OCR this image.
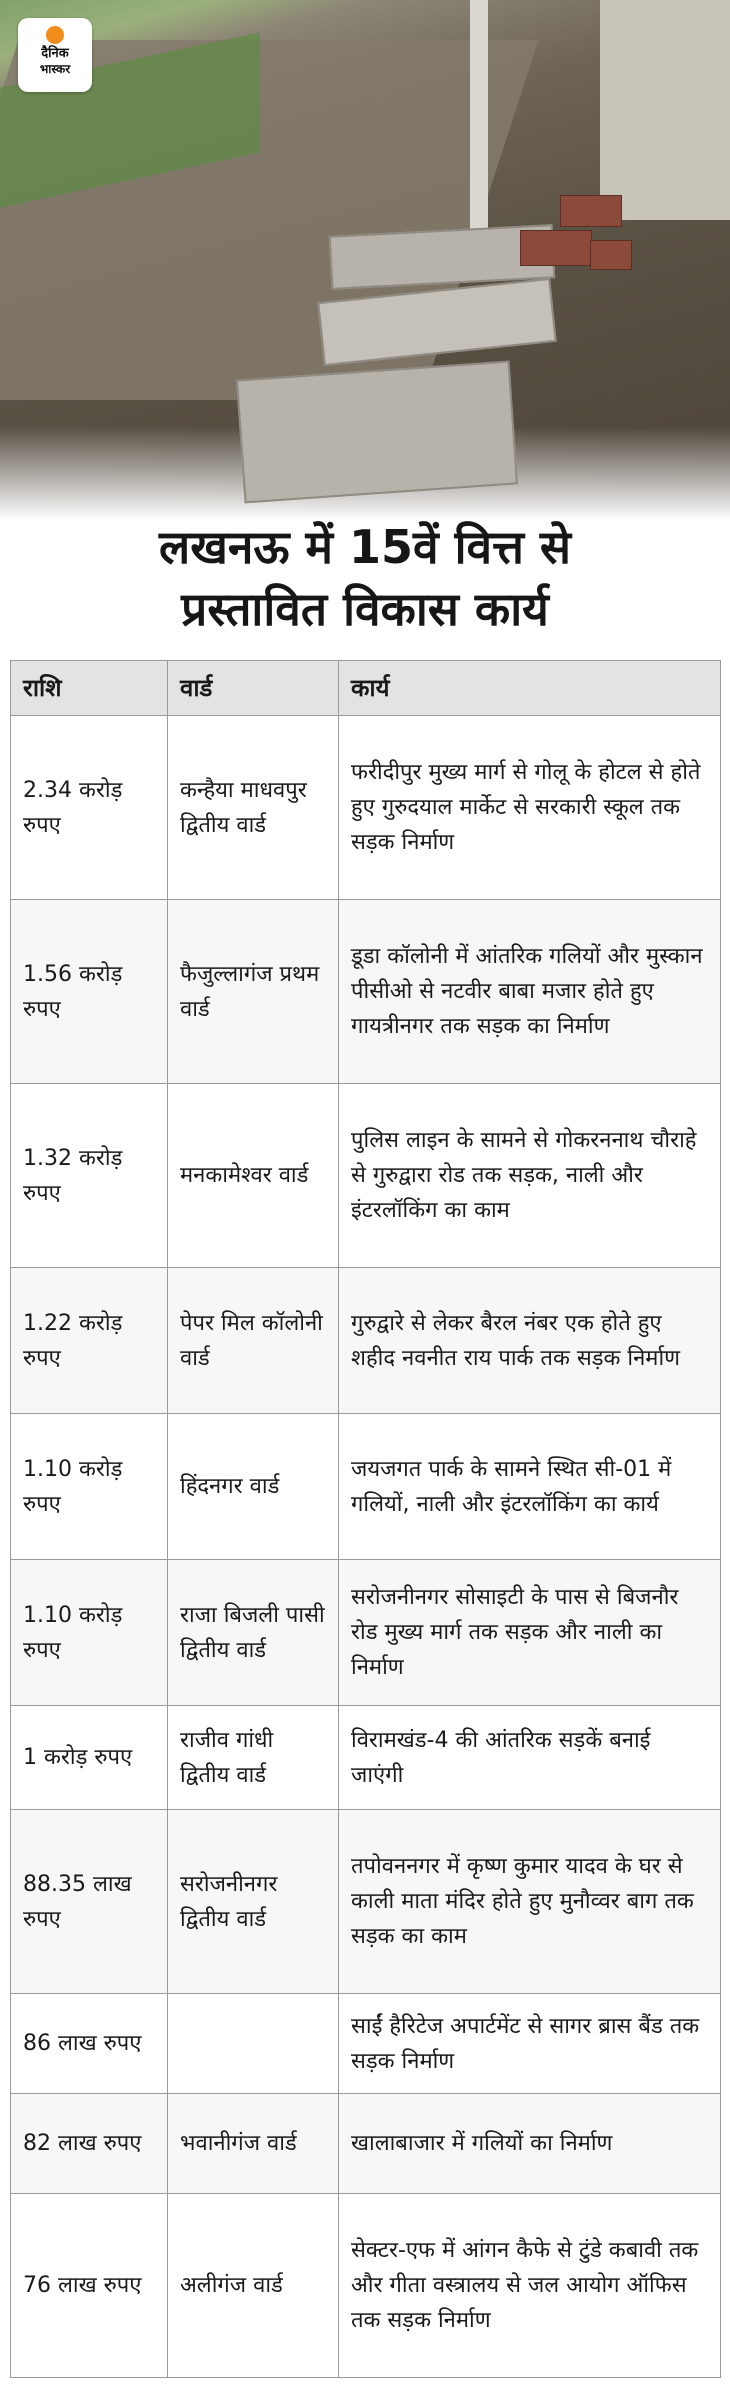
दैनिक
भास्कर
लखनऊ में 15वें वित्त से
प्रस्तावित विकास कार्य
राशि	वार्ड	कार्य
2.34 करोड़ रुपए	कन्हैया माधवपुर द्वितीय वार्ड	फरीदीपुर मुख्य मार्ग से गोलू के होटल से होते हुए गुरुदयाल मार्केट से सरकारी स्कूल तक सड़क निर्माण
1.56 करोड़ रुपए	फैजुल्लागंज प्रथम वार्ड	डूडा कॉलोनी में आंतरिक गलियों और मुस्कान पीसीओ से नटवीर बाबा मजार होते हुए गायत्रीनगर तक सड़क का निर्माण
1.32 करोड़ रुपए	मनकामेश्वर वार्ड	पुलिस लाइन के सामने से गोकरननाथ चौराहे से गुरुद्वारा रोड तक सड़क, नाली और इंटरलॉकिंग का काम
1.22 करोड़ रुपए	पेपर मिल कॉलोनी वार्ड	गुरुद्वारे से लेकर बैरल नंबर एक होते हुए शहीद नवनीत राय पार्क तक सड़क निर्माण
1.10 करोड़ रुपए	हिंदनगर वार्ड	जयजगत पार्क के सामने स्थित सी-01 में गलियों, नाली और इंटरलॉकिंग का कार्य
1.10 करोड़ रुपए	राजा बिजली पासी द्वितीय वार्ड	सरोजनीनगर सोसाइटी के पास से बिजनौर रोड मुख्य मार्ग तक सड़क और नाली का निर्माण
1 करोड़ रुपए	राजीव गांधी द्वितीय वार्ड	विरामखंड-4 की आंतरिक सड़कें बनाई जाएंगी
88.35 लाख रुपए	सरोजनीनगर द्वितीय वार्ड	तपोवननगर में कृष्ण कुमार यादव के घर से काली माता मंदिर होते हुए मुनौव्वर बाग तक सड़क का काम
86 लाख रुपए		साईं हैरिटेज अपार्टमेंट से सागर ब्रास बैंड तक सड़क निर्माण
82 लाख रुपए	भवानीगंज वार्ड	खालाबाजार में गलियों का निर्माण
76 लाख रुपए	अलीगंज वार्ड	सेक्टर-एफ में आंगन कैफे से टुंडे कबावी तक और गीता वस्त्रालय से जल आयोग ऑफिस तक सड़क निर्माण
